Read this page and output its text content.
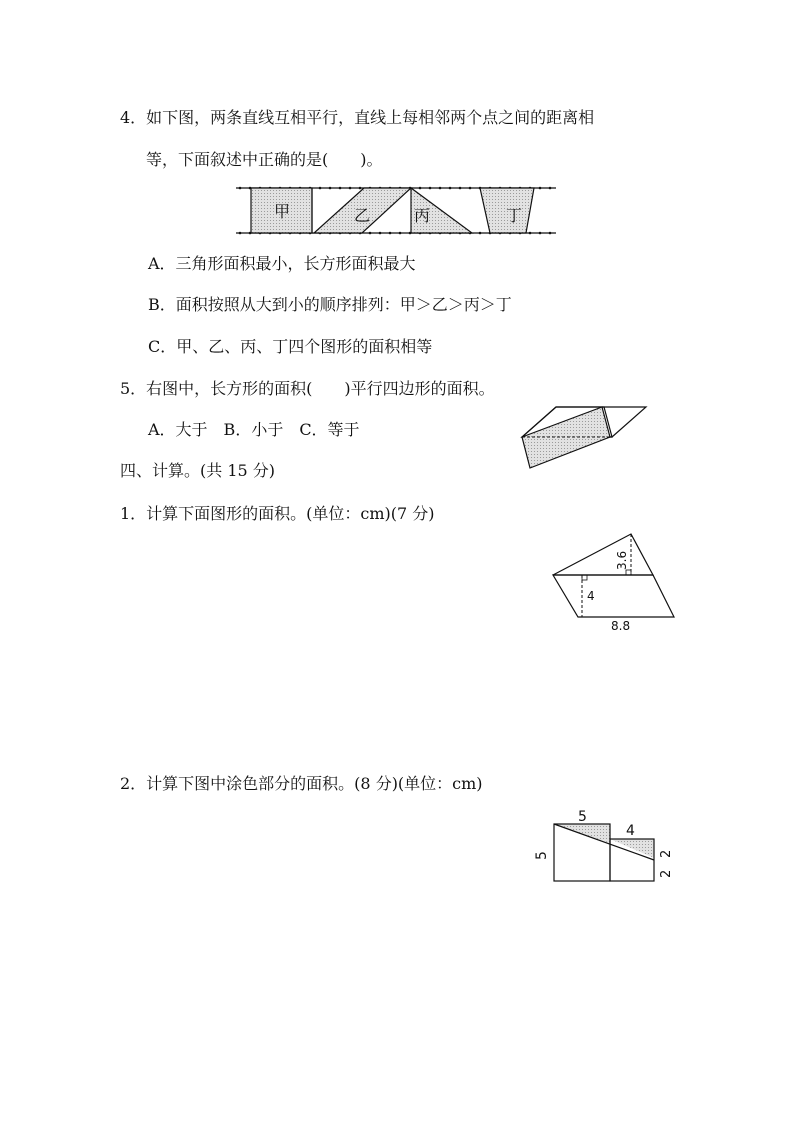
4．如下图，两条直线互相平行，直线上每相邻两个点之间的距离相
等，下面叙述中正确的是(　　)。
甲	乙	丙	丁
A．三角形面积最小，长方形面积最大
B．面积按照从大到小的顺序排列：甲＞乙＞丙＞丁
C．甲、乙、丙、丁四个图形的面积相等
5．右图中，长方形的面积(　　)平行四边形的面积。
A．大于　B．小于　C．等于
四、计算。(共 15 分)
1．计算下面图形的面积。(单位：cm)(7 分)
3.6
4
8.8
2．计算下图中涂色部分的面积。(8 分)(单位：cm)
5
4
5	2
2
